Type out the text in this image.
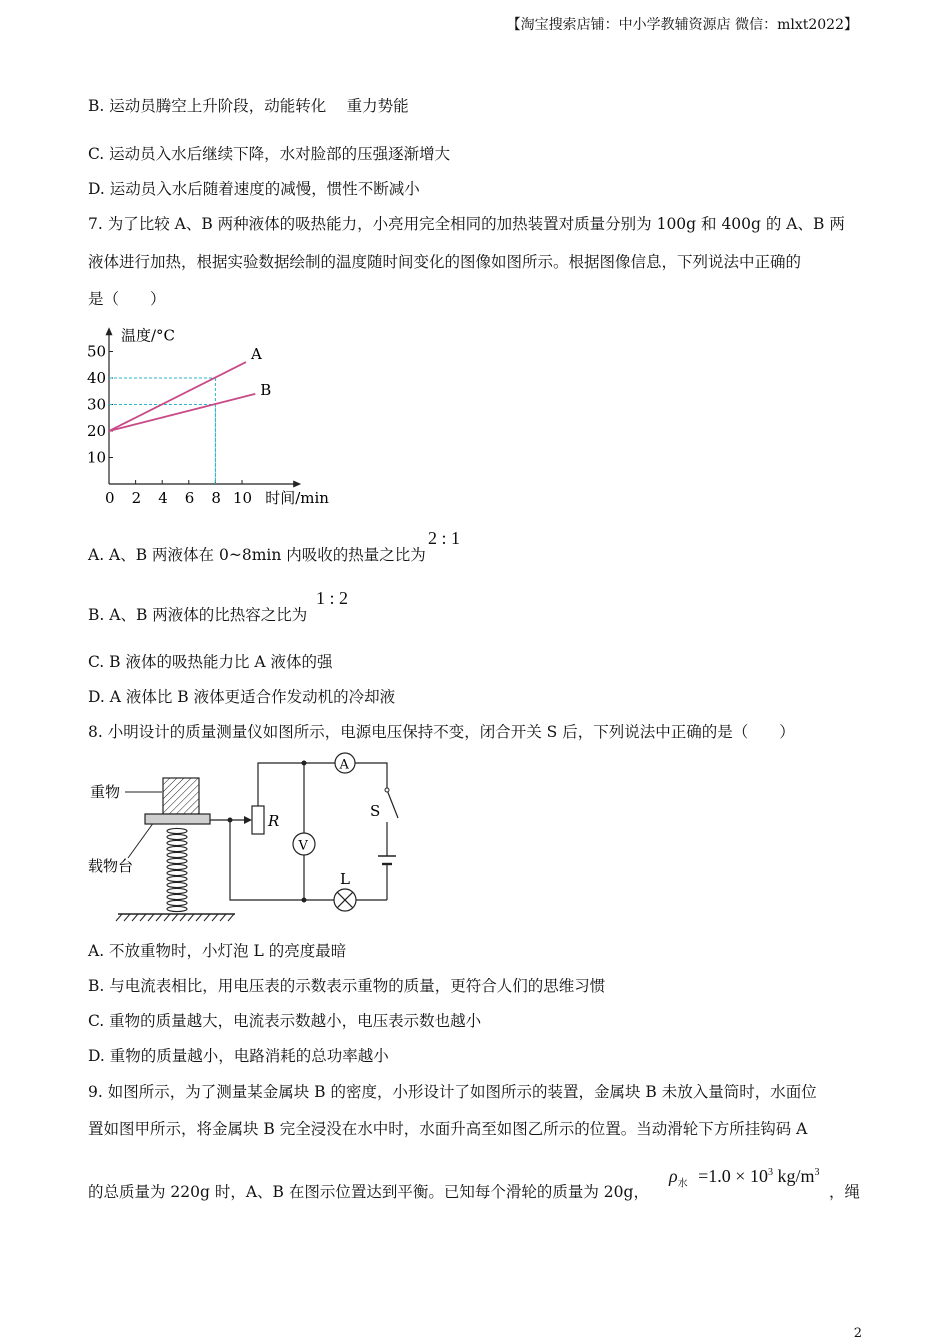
【淘宝搜索店铺：中小学教辅资源店 微信：mlxt2022】
B. 运动员腾空上升阶段，动能转化　 重力势能
C. 运动员入水后继续下降，水对脸部的压强逐渐增大
D. 运动员入水后随着速度的减慢，惯性不断减小
7. 为了比较 A、B 两种液体的吸热能力，小亮用完全相同的加热装置对质量分别为 100g 和 400g 的 A、B 两
液体进行加热，根据实验数据绘制的温度随时间变化的图像如图所示。根据图像信息，下列说法中正确的
是（　　）
10
20
30
40
50
0 2 4 6 8 10
温度/°C
时间/min
A
B
A. A、B 两液体在 0~8min 内吸收的热量之比为
2 : 1
B. A、B 两液体的比热容之比为
1 : 2
C. B 液体的吸热能力比 A 液体的强
D. A 液体比 B 液体更适合作发动机的冷却液
8. 小明设计的质量测量仪如图所示，电源电压保持不变，闭合开关 S 后，下列说法中正确的是（　　）
重物
载物台
R
A
V
S
L
A. 不放重物时，小灯泡 L 的亮度最暗
B. 与电流表相比，用电压表的示数表示重物的质量，更符合人们的思维习惯
C. 重物的质量越大，电流表示数越小，电压表示数也越小
D. 重物的质量越小，电路消耗的总功率越小
9. 如图所示，为了测量某金属块 B 的密度，小形设计了如图所示的装置，金属块 B 未放入量筒时，水面位
置如图甲所示，将金属块 B 完全浸没在水中时，水面升高至如图乙所示的位置。当动滑轮下方所挂钩码 A
的总质量为 220g 时，A、B 在图示位置达到平衡。已知每个滑轮的质量为 20g，
$\rho_水 =1.0 \times 10^3$ $kg/m^3$
，绳
2
